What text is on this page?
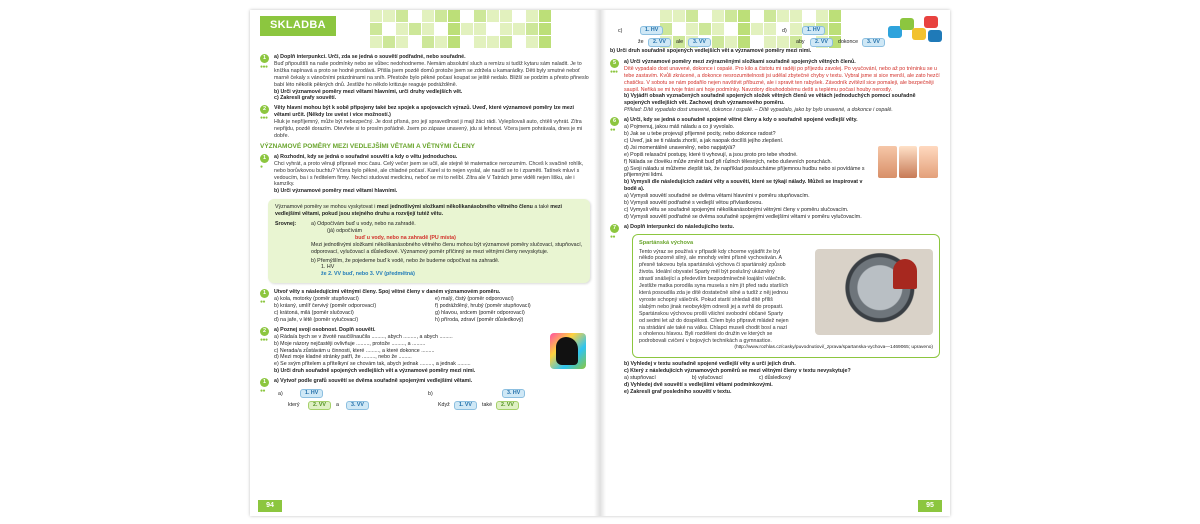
SKLADBA
1
●●●
a) Doplň interpunkci. Urči, zda se jedná o souvětí podřadné, nebo souřadné.
Buď připouštíš na naše podmínky nebo se vůbec nedohodneme. Nemám absolutní sluch a remízu si tudíž kytaru sám naladit. Je to knížka napínavá a proto se hodně prodává. Přišla jsem pozdě domů protože jsem se zdržela u kamarádky. Děti byly smutné neboť marně čekaly s vánočními prázdninami na sníh. Přestože bylo pěkné počasí koupat se ještě nedalo. Bližší se podzim a přesto přineslo babí léto několik pěkných dnů. Jestliže ho někdo kritizuje reaguje podrážděně.
b) Urči významové poměry mezi větami hlavními, urči druhy vedlejších vět.
c) Zakresli grafy souvětí.
2
●●●
Věty hlavní mohou být k sobě připojeny také bez spojek a spojovacích výrazů. Uveď, které významové poměry lze mezi větami určit. (Někdy lze uvést i více možností.)
Hluk je nepříjemný, může být nebezpečný. Je dost přísná, pro její spravedlnost ji mají žáci rádi. Vylepšovali auto, chtěli vyhrát. Zítra nepřijdu, pozdě dorazím. Otevřete si to prosím pořádně. Jsem po zápase unavený, jdu si lehnout. Včera jsem pohrávala, dnes je mi dobře.
VÝZNAMOVÉ POMĚRY MEZI VEDLEJŠÍMI VĚTAMI A VĚTNÝMI ČLENY
1
●
a) Rozhodni, kdy se jedná o souřadné souvětí a kdy o větu jednoduchou.
Chci vyhrát, a proto věnuji přípravě moc času. Celý večer jsem se učil, ale stejně té matematice nerozumím. Chceš k svačině rohlík, nebo borůvkovou buchtu? Včera bylo pěkné, ale chladné počasí. Karel si to nejen vyslal, ale naučil se to i zpaměti. Tatínek mluví s vedoucím, ba i s ředitelem firmy. Nechci studovat medicínu, neboť se mi to nelíbí. Zítra ale V Tatrách jsme viděli nejen lišku, ale i kamzíky.
b) Urči významové poměry mezi větami hlavními.
Významové poměry se mohou vyskytovat i mezi jednotlivými složkami několikanásobného větného členu a také mezi vedlejšími větami, pokud jsou stejného druhu a rozvíjejí tutéž větu.
Srovnej:	a) Odpočívám buď u vody, nebo na zahradě.
(já) odpočívám
buď u vody, nebo na zahradě (PU místa)
Mezi jednotlivými složkami několikanásobného větného členu mohou být významové poměry slučovací, stupňovací, odporovací, vylučovací a důsledkové. Významový poměr příčinný se mezi větnými členy nevyskytuje.
b) Přemýšlím, že pojedeme buď k vodě, nebo že budeme odpočívat na zahradě.
1. HV
že 2. VV buď, nebo 3. VV (předmětná)
1
●●
Utvoř věty s následujícími větnými členy. Spoj větné členy v daném významovém poměru.
a) kola, motorky (poměr stupňovací)	e) malý, čistý (poměr odporovací)
b) krásný, umlíř červivý (poměr odporovací)	f) podrážděný, hrubý (poměr stupňovací)
c) krátoná, milá (poměr slučovací)	g) hlavou, srdcem (poměr odporovací)
d) na jaře, v létě (poměr vylučovací)	h) příroda, zdraví (poměr důsledkový)
2
●●●
a) Poznej svoji osobnost. Doplň souvětí.
a) Ráda/a bych se v životě naučil/naučila ........., abych ........., a abych .........
b) Moje názory nejčastěji ovlivňuje ........., protože ........., a .........
c) Nerada/a zůstávám u činnosti, které ........., a které dokonce .........
d) Mezi moje kladné stránky patří, že ........., nebo že .........
e) Se svým přítelem a přítelkyní se chovám tak, abych jednak ........., a jednak .........
b) Urči druh souřadně spojených vedlejších vět a významové poměry mezi nimi.
1
●●
a) Vytvoř podle grafů souvětí se dvěma souřadně spojenými vedlejšími větami.
a)	1. HV
který	2. VV	a	3. VV
b)	3. HV
Když	1. VV	také	2. VV
94
c)	1. HV
že	2. VV	ale	3. VV
d)	1. HV
aby	2. VV	dokonce	3. VV
b) Urči druh souřadně spojených vedlejších vět a významové poměry mezi nimi.
5
●●●
a) Urči významové poměry mezi zvýrazněnými složkami souřadně spojených větných členů.
Dítě vypadalo dost unavené, dokonce i ospalé. Pro kilo a čistotu mi raději po příjezdu zavolej. Po vyučování, nebo až po tréninku se u tebe zastavím. Kvůli zkrácené, a dokonce nesrozumitelnosti jsi udělal zbytečné chyby v textu. Vybral jsme si sice menší, ale zato hezčí chatičku. V sobotu se nám podařilo nejen navštívit příbuzné, ale i spravit ten rabyšek. Závodník zvítězil sice pomaleji, ale bezpečněji saupil. Neřiká se mi tvoje fráni ani hoje podmínky. Navzdory dlouhodobému dešti a teplému počasí houby nerostly.
b) Vyjádři obsah vyznačených souřadně spojených složek větných členů ve větách jednoduchých pomocí souřadně spojených vedlejších vět. Zachovej druh významového poměru.
Příklad: Dítě vypadalo dost unavené, dokonce i ospalé. – Dítě vypadalo, jako by bylo unavené, a dokonce i ospalé.
6
●●
a) Urči, kdy se jedná o souřadně spojené větné členy a kdy o souřadně spojené vedlejší věty.
a) Pojmenuj, jakou máš náladu a co ji vyvolalo.
b) Jak se u tebe projevují příjemné pocity, nebo dokonce radost?
c) Uveď, jak se ti nálada zhorší, a jak naopak docílíš jejího zlepšení.
d) Jsi momentálně unaveněný, nebo napjatý/á?
e) Popiš relaxační postupy, které ti vyhovují, a jsou proto pro tebe vhodné.
f) Nálada se člověku může změnit buď při růzlnch tělesných, nebo duševních poruchách.
g) Svoji náladu si můžeme zlepšit tak, že například poslouchámе příjemnou hudbu nebo si povídáme s přijemnými lidmi.
b) Vymysli dle následujících zadání věty a souvětí, které se týkají nálady. Můžeš se inspirovat v bodě a).
a) Vymysli souvětí souřadné se dvěma větami hlavními v poměru stupňovacím.
b) Vymysli souvětí podřadné s vedlejší větou přívlastkovou.
c) Vymysli větu se souřadně spojenými několikanásobnými větnými členy v poměru slučovacím.
d) Vymysli souvětí podřadné se dvěma souřadně spojenými vedlejšími větami v poměru vylučovacím.
7
●●
a) Doplň interpunkci do následujícího textu.
Spartánská výchova
Tento výraz se používá v případě kdy chceme vyjádřit že byl někdo pozorně silný, ale mnohdy velmi přísně vychováván. A přesně takovou byla spartánská výchova či spartánský způsob života. Ideální obyvatel Sparty měl být poslušný ukázněný strastí snášející a především bezpodmínečně loajální válečník. Jestliže matka porodila syna musela s ním jít před radu starších která posoudila zda je dítě dostatečně silné a tudíž z něj jednou vyroste schopný válečník. Pokud starší shledali dítě příliš slabým nebo jinak neobvyklým odnesli jej a svrhli do propasti. Spartánskou výchovou prošli všichni svobodní občané Sparty od sedmi let až do dospělosti. Cílem bylo připravit mládež nejen na strádání ale také na válku. Chlapci museli chodit bosí a nazí s oholenou hlavou. Byli rozděleni do družin ve kterých se podrobovali cvičení v bojových technikách a gymnastice.
(http://www.rozhlas.cz/casky/puvodnutiovi/_zprava/spartanska-vychova—1469065; upraveno)
b) Vyhledej v textu souřadně spojené vedlejší věty a urči jejich druh.
c) Který z následujících významových poměrů se mezi větnými členy v textu nevyskytuje?
a) stupňovací	b) vylučovací	c) důsledkový
d) Vyhledej dvě souvětí s vedlejšími větami podmínkovými.
e) Zakresli graf posledního souvětí v textu.
95
